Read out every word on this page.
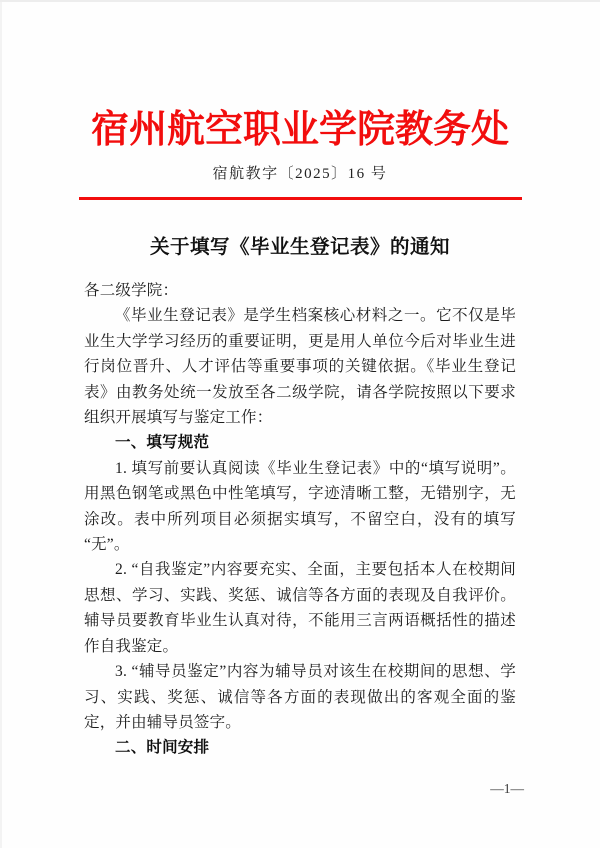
宿州航空职业学院教务处
宿航教字〔2025〕16 号
关于填写《毕业生登记表》的通知

各二级学院：

《毕业生登记表》是学生档案核心材料之一。它不仅是毕业生大学学习经历的重要证明，更是用人单位今后对毕业生进行岗位晋升、人才评估等重要事项的关键依据。《毕业生登记表》由教务处统一发放至各二级学院，请各学院按照以下要求组织开展填写与鉴定工作：

一、填写规范

1. 填写前要认真阅读《毕业生登记表》中的“填写说明”。用黑色钢笔或黑色中性笔填写，字迹清晰工整，无错别字，无涂改。表中所列项目必须据实填写，不留空白，没有的填写“无”。

2. “自我鉴定”内容要充实、全面，主要包括本人在校期间思想、学习、实践、奖惩、诚信等各方面的表现及自我评价。辅导员要教育毕业生认真对待，不能用三言两语概括性的描述作自我鉴定。

3. “辅导员鉴定”内容为辅导员对该生在校期间的思想、学习、实践、奖惩、诚信等各方面的表现做出的客观全面的鉴定，并由辅导员签字。

二、时间安排

—1—
